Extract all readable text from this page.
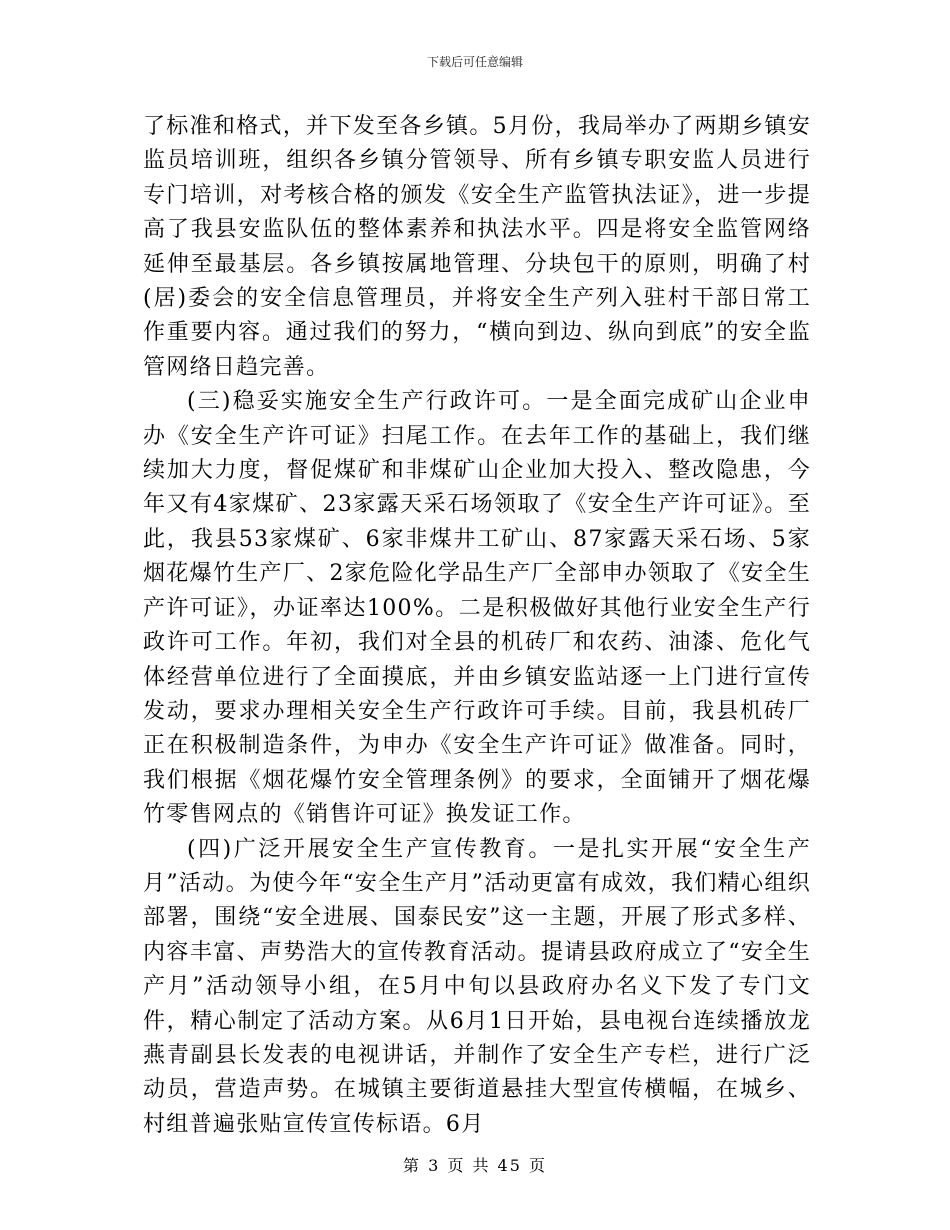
下载后可任意编辑

了标准和格式，并下发至各乡镇。5月份，我局举办了两期乡镇安监员培训班，组织各乡镇分管领导、所有乡镇专职安监人员进行专门培训，对考核合格的颁发《安全生产监管执法证》，进一步提高了我县安监队伍的整体素养和执法水平。四是将安全监管网络延伸至最基层。各乡镇按属地管理、分块包干的原则，明确了村(居)委会的安全信息管理员，并将安全生产列入驻村干部日常工作重要内容。通过我们的努力，“横向到边、纵向到底”的安全监管网络日趋完善。

(三)稳妥实施安全生产行政许可。一是全面完成矿山企业申办《安全生产许可证》扫尾工作。在去年工作的基础上，我们继续加大力度，督促煤矿和非煤矿山企业加大投入、整改隐患，今年又有4家煤矿、23家露天采石场领取了《安全生产许可证》。至此，我县53家煤矿、6家非煤井工矿山、87家露天采石场、5家烟花爆竹生产厂、2家危险化学品生产厂全部申办领取了《安全生产许可证》，办证率达100%。二是积极做好其他行业安全生产行政许可工作。年初，我们对全县的机砖厂和农药、油漆、危化气体经营单位进行了全面摸底，并由乡镇安监站逐一上门进行宣传发动，要求办理相关安全生产行政许可手续。目前，我县机砖厂正在积极制造条件，为申办《安全生产许可证》做准备。同时，我们根据《烟花爆竹安全管理条例》的要求，全面铺开了烟花爆竹零售网点的《销售许可证》换发证工作。

(四)广泛开展安全生产宣传教育。一是扎实开展“安全生产月”活动。为使今年“安全生产月”活动更富有成效，我们精心组织部署，围绕“安全进展、国泰民安”这一主题，开展了形式多样、内容丰富、声势浩大的宣传教育活动。提请县政府成立了“安全生产月”活动领导小组，在5月中旬以县政府办名义下发了专门文件，精心制定了活动方案。从6月1日开始，县电视台连续播放龙燕青副县长发表的电视讲话，并制作了安全生产专栏，进行广泛动员，营造声势。在城镇主要街道悬挂大型宣传横幅，在城乡、村组普遍张贴宣传宣传标语。6月

第 3 页 共 45 页
